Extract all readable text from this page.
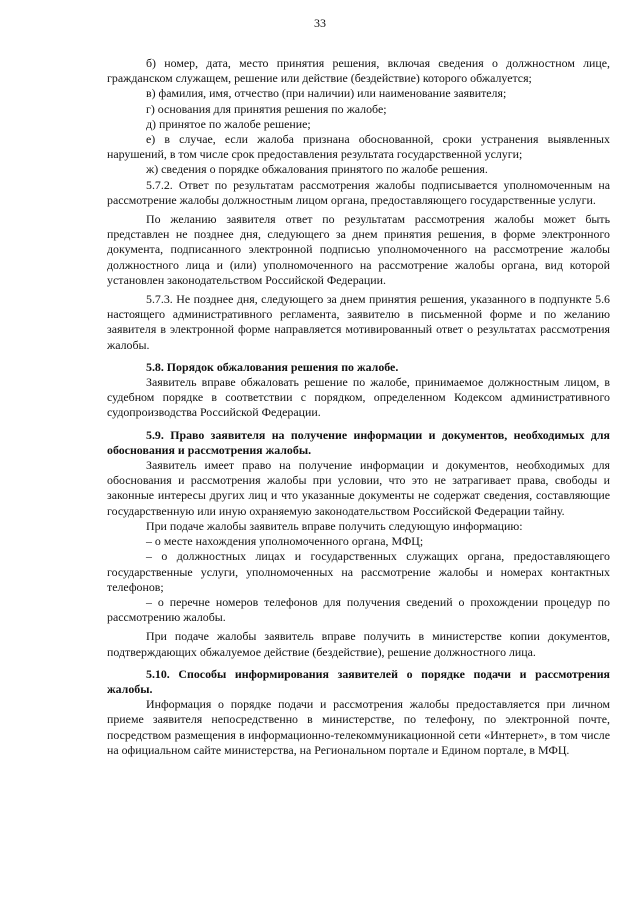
33

б) номер, дата, место принятия решения, включая сведения о должностном лице, гражданском служащем, решение или действие (бездействие) которого обжалуется;

в) фамилия, имя, отчество (при наличии) или наименование заявителя;

г) основания для принятия решения по жалобе;

д) принятое по жалобе решение;

е) в случае, если жалоба признана обоснованной, сроки устранения выявленных нарушений, в том числе срок предоставления результата государственной услуги;

ж) сведения о порядке обжалования принятого по жалобе решения.

5.7.2. Ответ по результатам рассмотрения жалобы подписывается уполномоченным на рассмотрение жалобы должностным лицом органа, предоставляющего государственные услуги.

По желанию заявителя ответ по результатам рассмотрения жалобы может быть представлен не позднее дня, следующего за днем принятия решения, в форме электронного документа, подписанного электронной подписью уполномоченного на рассмотрение жалобы должностного лица и (или) уполномоченного на рассмотрение жалобы органа, вид которой установлен законодательством Российской Федерации.

5.7.3. Не позднее дня, следующего за днем принятия решения, указанного в подпункте 5.6 настоящего административного регламента, заявителю в письменной форме и по желанию заявителя в электронной форме направляется мотивированный ответ о результатах рассмотрения жалобы.

5.8. Порядок обжалования решения по жалобе.

Заявитель вправе обжаловать решение по жалобе, принимаемое должностным лицом, в судебном порядке в соответствии с порядком, определенном Кодексом административного судопроизводства Российской Федерации.

5.9. Право заявителя на получение информации и документов, необходимых для обоснования и рассмотрения жалобы.

Заявитель имеет право на получение информации и документов, необходимых для обоснования и рассмотрения жалобы при условии, что это не затрагивает права, свободы и законные интересы других лиц и что указанные документы не содержат сведения, составляющие государственную или иную охраняемую законодательством Российской Федерации тайну.

При подаче жалобы заявитель вправе получить следующую информацию:

– о месте нахождения уполномоченного органа, МФЦ;

– о должностных лицах и государственных служащих органа, предоставляющего государственные услуги, уполномоченных на рассмотрение жалобы и номерах контактных телефонов;

– о перечне номеров телефонов для получения сведений о прохождении процедур по рассмотрению жалобы.

При подаче жалобы заявитель вправе получить в министерстве копии документов, подтверждающих обжалуемое действие (бездействие), решение должностного лица.

5.10. Способы информирования заявителей о порядке подачи и рассмотрения жалобы.

Информация о порядке подачи и рассмотрения жалобы предоставляется при личном приеме заявителя непосредственно в министерстве, по телефону, по электронной почте, посредством размещения в информационно-телекоммуникационной сети «Интернет», в том числе на официальном сайте министерства, на Региональном портале и Едином портале, в МФЦ.
